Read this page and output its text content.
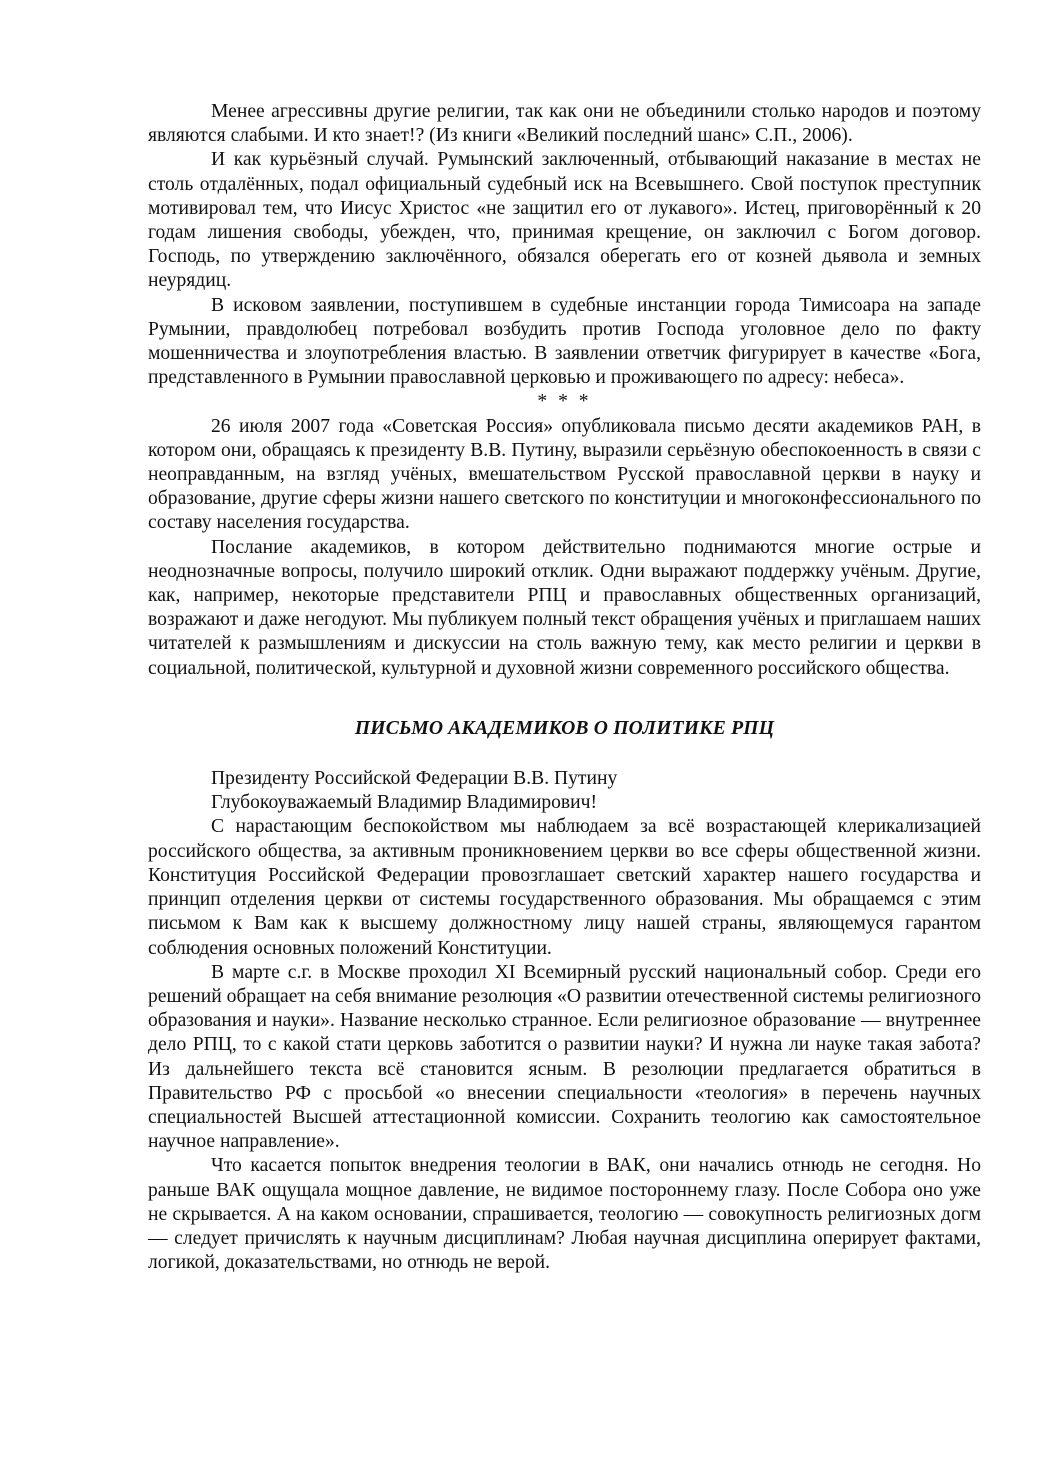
Менее агрессивны другие религии, так как они не объединили столько народов и поэтому являются слабыми. И кто знает!? (Из книги «Великий последний шанс» С.П., 2006).

И как курьёзный случай. Румынский заключенный, отбывающий наказание в местах не столь отдалённых, подал официальный судебный иск на Всевышнего. Свой поступок преступник мотивировал тем, что Иисус Христос «не защитил его от лукавого». Истец, приговорённый к 20 годам лишения свободы, убежден, что, принимая крещение, он заключил с Богом договор. Господь, по утверждению заключённого, обязался оберегать его от козней дьявола и земных неурядиц.

В исковом заявлении, поступившем в судебные инстанции города Тимисоара на западе Румынии, правдолюбец потребовал возбудить против Господа уголовное дело по факту мошенничества и злоупотребления властью. В заявлении ответчик фигурирует в качестве «Бога, представленного в Румынии православной церковью и проживающего по адресу: небеса».

* * *

26 июля 2007 года «Советская Россия» опубликовала письмо десяти академиков РАН, в котором они, обращаясь к президенту В.В. Путину, выразили серьёзную обеспокоенность в связи с неоправданным, на взгляд учёных, вмешательством Русской православной церкви в науку и образование, другие сферы жизни нашего светского по конституции и многоконфессионального по составу населения государства.

Послание академиков, в котором действительно поднимаются многие острые и неоднозначные вопросы, получило широкий отклик. Одни выражают поддержку учёным. Другие, как, например, некоторые представители РПЦ и православных общественных организаций, возражают и даже негодуют. Мы публикуем полный текст обращения учёных и приглашаем наших читателей к размышлениям и дискуссии на столь важную тему, как место религии и церкви в социальной, политической, культурной и духовной жизни современного российского общества.

ПИСЬМО АКАДЕМИКОВ О ПОЛИТИКЕ РПЦ

Президенту Российской Федерации В.В. Путину

Глубокоуважаемый Владимир Владимирович!

С нарастающим беспокойством мы наблюдаем за всё возрастающей клерикализацией российского общества, за активным проникновением церкви во все сферы общественной жизни. Конституция Российской Федерации провозглашает светский характер нашего государства и принцип отделения церкви от системы государственного образования. Мы обращаемся с этим письмом к Вам как к высшему должностному лицу нашей страны, являющемуся гарантом соблюдения основных положений Конституции.

В марте с.г. в Москве проходил XI Всемирный русский национальный собор. Среди его решений обращает на себя внимание резолюция «О развитии отечественной системы религиозного образования и науки». Название несколько странное. Если религиозное образование — внутреннее дело РПЦ, то с какой стати церковь заботится о развитии науки? И нужна ли науке такая забота? Из дальнейшего текста всё становится ясным. В резолюции предлагается обратиться в Правительство РФ с просьбой «о внесении специальности «теология» в перечень научных специальностей Высшей аттестационной комиссии. Сохранить теологию как самостоятельное научное направление».

Что касается попыток внедрения теологии в ВАК, они начались отнюдь не сегодня. Но раньше ВАК ощущала мощное давление, не видимое постороннему глазу. После Собора оно уже не скрывается. А на каком основании, спрашивается, теологию — совокупность религиозных догм — следует причислять к научным дисциплинам? Любая научная дисциплина оперирует фактами, логикой, доказательствами, но отнюдь не верой.
